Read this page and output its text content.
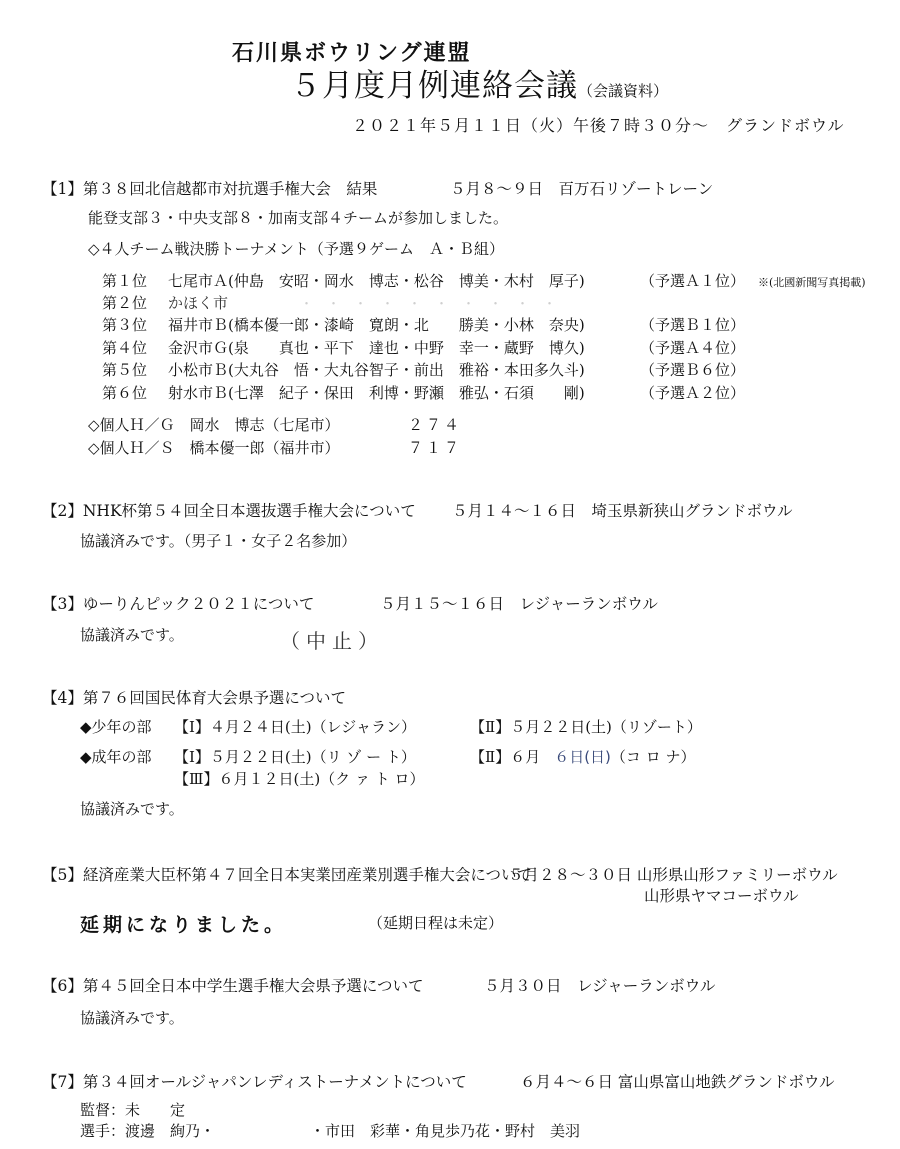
石川県ボウリング連盟
５月度月例連絡会議（会議資料）
２０２１年５月１１日（火）午後７時３０分〜　グランドボウル
【1】第３８回北信越都市対抗選手権大会　結果	５月８〜９日　百万石リゾートレーン
能登支部３・中央支部８・加南支部４チームが参加しました。
◇４人チーム戦決勝トーナメント（予選９ゲーム　Ａ・Ｂ組）
第１位 七尾市Ａ(仲島　安昭・岡水　博志・松谷　博美・木村　厚子)	（予選Ａ１位） ※(北國新聞写真掲載)
第２位 かほく市	・・・・・・・・・・
第３位 福井市Ｂ(橋本優一郎・漆崎　寛朗・北　　勝美・小林　奈央)	（予選Ｂ１位）
第４位 金沢市Ｇ(泉　　真也・平下　達也・中野　幸一・蔵野　博久)	（予選Ａ４位）
第５位 小松市Ｂ(大丸谷　悟・大丸谷智子・前出　雅裕・本田多久斗)	（予選Ｂ６位）
第６位 射水市Ｂ(七澤　紀子・保田　利博・野瀬　雅弘・石須　　剛)	（予選Ａ２位）
◇個人Ｈ／Ｇ　岡水　博志（七尾市）	２７４
◇個人Ｈ／Ｓ　橋本優一郎（福井市）	７１７
【2】NHK杯第５４回全日本選抜選手権大会について ５月１４〜１６日　埼玉県新狭山グランドボウル
協議済みです。（男子１・女子２名参加）
【3】ゆーりんピック２０２１について	５月１５〜１６日　レジャーランボウル
協議済みです。	（中止）
【4】第７６回国民体育大会県予選について
◆少年の部 【Ⅰ】４月２４日(土)（レジャラン）	【Ⅱ】５月２２日(土)（リゾート）
◆成年の部 【Ⅰ】５月２２日(土)（リ ゾ ー ト）	【Ⅱ】６月 ６日(日)（コ ロ ナ）
【Ⅲ】６月１２日(土)（ク ァ ト ロ）
協議済みです。
【5】経済産業大臣杯第４７回全日本実業団産業別選手権大会について
５月２８〜３０日 山形県山形ファミリーボウル
山形県ヤマコーボウル
延期になりました。	（延期日程は未定）
【6】第４５回全日本中学生選手権大会県予選について	５月３０日　レジャーランボウル
協議済みです。
【7】第３４回オールジャパンレディストーナメントについて	６月４〜６日 富山県富山地鉄グランドボウル
監督：未　　定
選手：渡邊　絢乃・	・市田　彩華・角見歩乃花・野村　美羽
